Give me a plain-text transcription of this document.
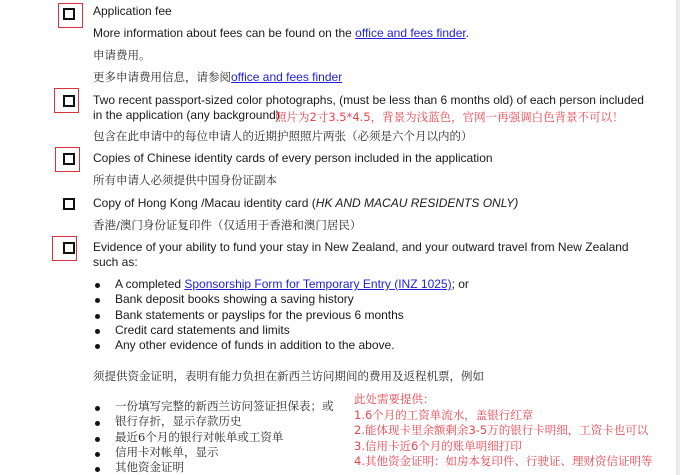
Application fee
More information about fees can be found on the office and fees finder.
申请费用。
更多申请费用信息，请参阅office and fees finder
Two recent passport-sized color photographs, (must be less than 6 months old) of each person included
in the application (any background)
照片为2寸3.5*4.5，背景为浅蓝色，官网一再强调白色背景不可以！
包含在此申请中的每位申请人的近期护照照片两张（必须是六个月以内的）
Copies of Chinese identity cards of every person included in the application
所有申请人必须提供中国身份证副本
Copy of Hong Kong /Macau identity card (HK AND MACAU RESIDENTS ONLY)
香港/澳门身份证复印件（仅适用于香港和澳门居民）
Evidence of your ability to fund your stay in New Zealand, and your outward travel from New Zealand
such as:
A completed Sponsorship Form for Temporary Entry (INZ 1025); or
Bank deposit books showing a saving history
Bank statements or payslips for the previous 6 months
Credit card statements and limits
Any other evidence of funds in addition to the above.
须提供资金证明，表明有能力负担在新西兰访问期间的费用及返程机票，例如
一份填写完整的新西兰访问签证担保表；或
银行存折，显示存款历史
最近6个月的银行对帐单或工资单
信用卡对帐单，显示
其他资金证明
此处需要提供：
1.6个月的工资单流水，盖银行红章
2.能体现卡里余额剩余3-5万的银行卡明细，工资卡也可以
3.信用卡近6个月的账单明细打印
4.其他资金证明：如房本复印件、行驶证、理财资信证明等
